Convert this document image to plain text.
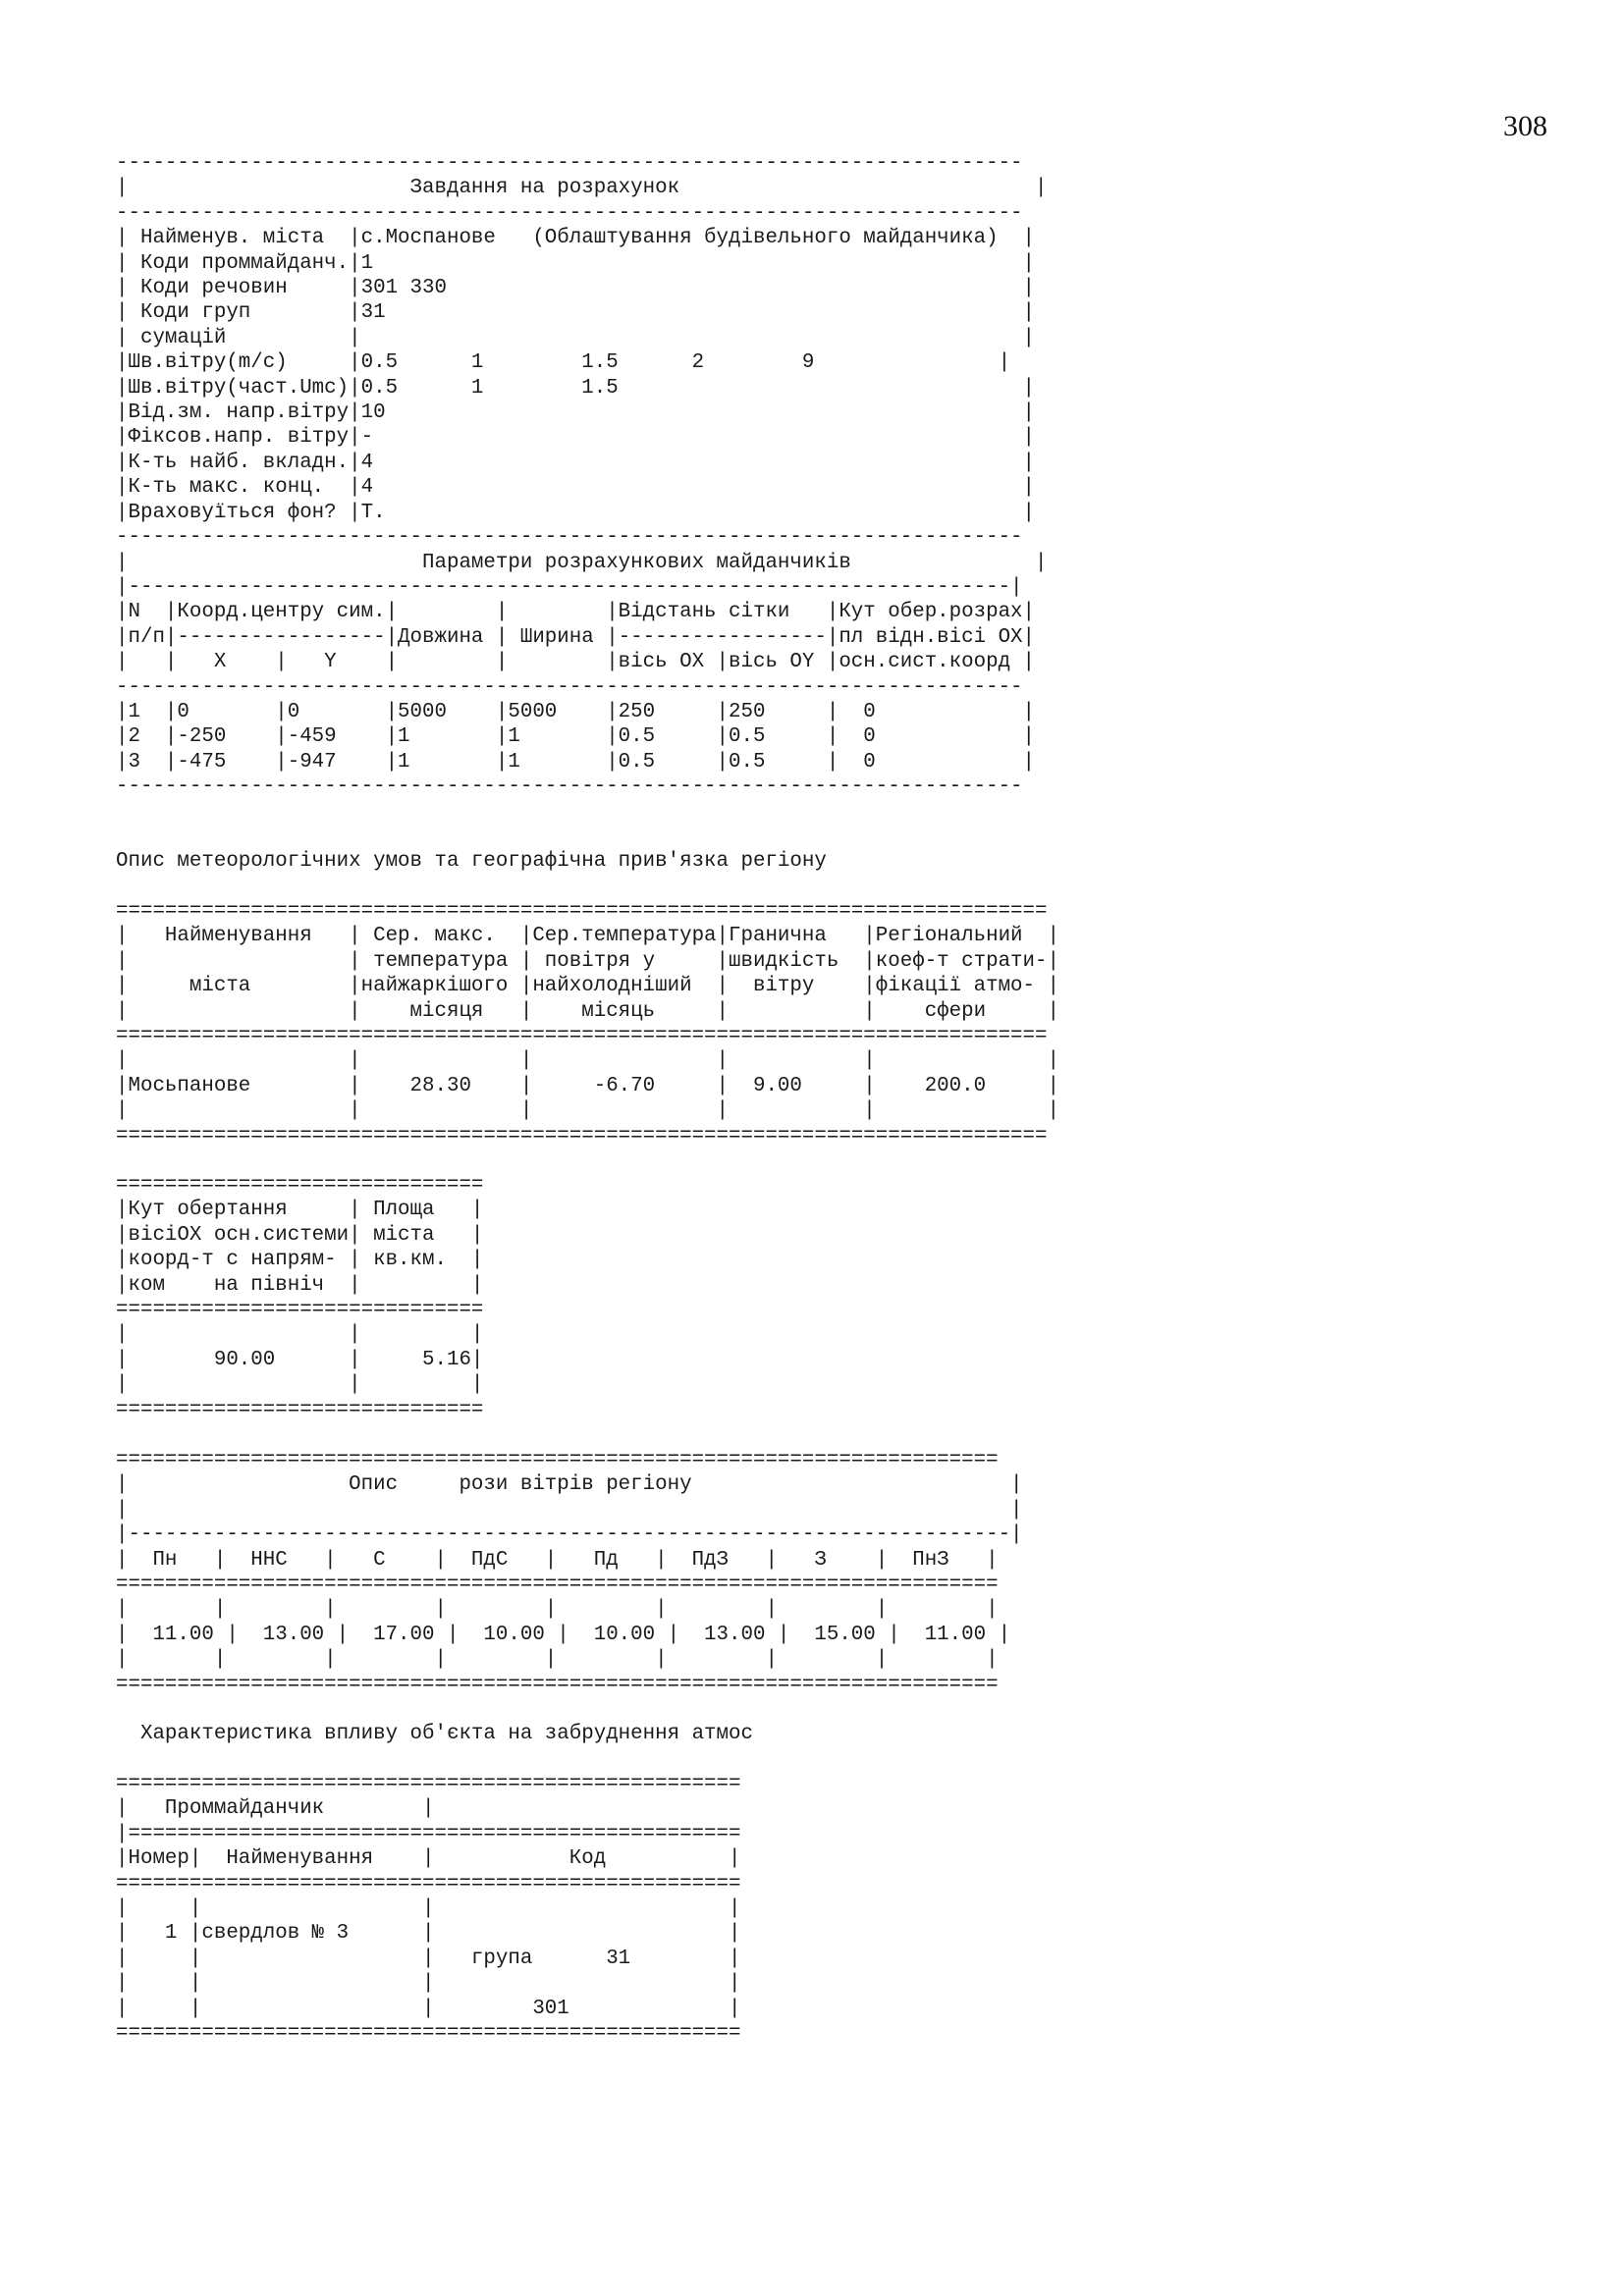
308
--------------------------------------------------------------------------
|                       Завдання на розрахунок                             |
--------------------------------------------------------------------------
| Найменув. міста  |с.Моспанове   (Облаштування будівельного майданчика)  |
| Коди проммайданч.|1                                                     |
| Коди речовин     |301 330                                               |
| Коди груп        |31                                                    |
| сумацій          |                                                      |
|Шв.вітру(m/c)     |0.5      1        1.5      2        9               |
|Шв.вітру(част.Umc)|0.5      1        1.5                                 |
|Від.зм. напр.вітру|10                                                    |
|Фіксов.напр. вітру|-                                                     |
|К-ть найб. вкладн.|4                                                     |
|К-ть макс. конц.  |4                                                     |
|Враховуїться фон? |Т.                                                    |
--------------------------------------------------------------------------
|                        Параметри розрахункових майданчиків               |
|------------------------------------------------------------------------|
|N  |Коорд.центру сим.|        |        |Відстань сітки   |Кут обер.розрах|
|п/п|-----------------|Довжина | Ширина |-----------------|пл відн.вісі ОХ|
|   |   X    |   Y    |        |        |вісь ОХ |вісь OY |осн.сист.коорд |
--------------------------------------------------------------------------
|1  |0       |0       |5000    |5000    |250     |250     |  0            |
|2  |-250    |-459    |1       |1       |0.5     |0.5     |  0            |
|3  |-475    |-947    |1       |1       |0.5     |0.5     |  0            |
--------------------------------------------------------------------------
Опис метеорологічних умов та географічна прив'язка регіону
============================================================================
|   Найменування   | Сер. макс.  |Сер.температура|Гранична   |Регіональний  |
|                  | температура | повітря у     |швидкість  |коеф-т страти-|
|     міста        |найжаркішого |найхолодніший  |  вітру    |фікації атмо- |
|                  |    місяця   |    місяць     |           |    сфери     |
============================================================================
|                  |             |               |           |              |
|Мосьпанове        |    28.30    |     -6.70     |  9.00     |    200.0     |
|                  |             |               |           |              |
============================================================================
==============================
|Кут обертання     | Площа   |
|вісіОХ осн.системи| міста   |
|коорд-т с напрям- | кв.км.  |
|ком    на північ  |         |
==============================
|                  |         |
|       90.00      |     5.16|
|                  |         |
==============================
========================================================================
|                  Опис     рози вітрів регіону                          |
|                                                                        |
|------------------------------------------------------------------------|
|  Пн   |  ННС   |   С    |  ПдС   |   Пд   |  ПдЗ   |   З    |  ПнЗ   |
========================================================================
|       |        |        |        |        |        |        |        |
|  11.00 |  13.00 |  17.00 |  10.00 |  10.00 |  13.00 |  15.00 |  11.00 |
|       |        |        |        |        |        |        |        |
========================================================================
Характеристика впливу об'єкта на забруднення атмос
===================================================
|   Проммайданчик        |
|==================================================
|Номер|  Найменування    |           Код          |
===================================================
|     |                  |                        |
|   1 |свердлов № 3      |                        |
|     |                  |   група      31        |
|     |                  |                        |
|     |                  |        301             |
===================================================
